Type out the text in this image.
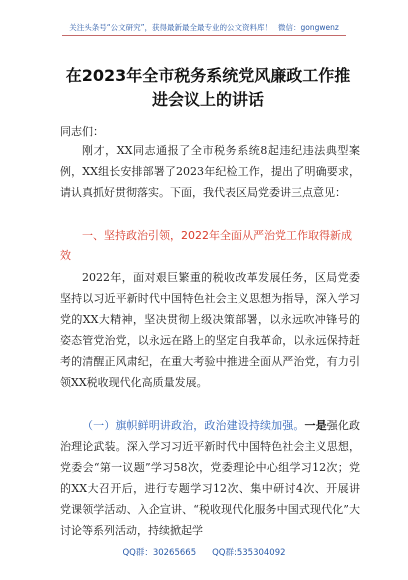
关注头条号“公文研究”，获得最新最全最专业的公文资料库！ 微信：gongwenz
在2023年全市税务系统党风廉政工作推进会议上的讲话
同志们：
刚才，XX同志通报了全市税务系统8起违纪违法典型案例，XX组长安排部署了2023年纪检工作，提出了明确要求，请认真抓好贯彻落实。下面，我代表区局党委讲三点意见：
一、坚持政治引领，2022年全面从严治党工作取得新成效
2022年，面对艰巨繁重的税收改革发展任务，区局党委坚持以习近平新时代中国特色社会主义思想为指导，深入学习党的XX大精神，坚决贯彻上级决策部署，以永远吹冲锋号的姿态管党治党，以永远在路上的坚定自我革命，以永远保持赶考的清醒正风肃纪，在重大考验中推进全面从严治党，有力引领XX税收现代化高质量发展。
（一）旗帜鲜明讲政治，政治建设持续加强。一是强化政治理论武装。深入学习习近平新时代中国特色社会主义思想，党委会“第一议题”学习58次，党委理论中心组学习12次；党的XX大召开后，进行专题学习12次、集中研讨4次、开展讲党课领学活动、入企宣讲、“税收现代化服务中国式现代化”大讨论等系列活动，持续掀起学
QQ群：30265665 QQ群:535304092
